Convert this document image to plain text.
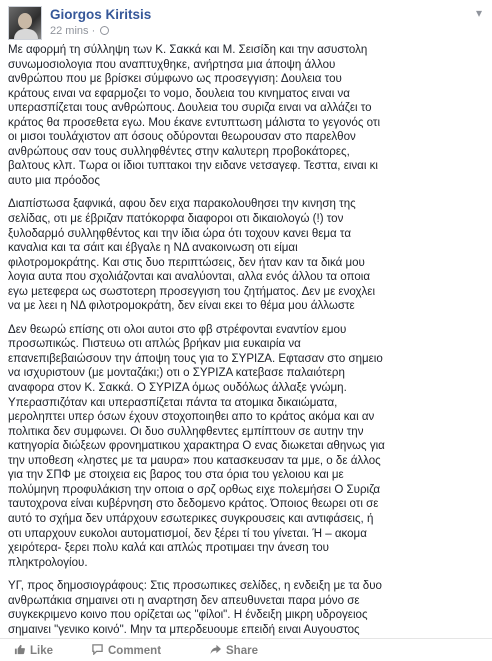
Giorgos Kiritsis
22 mins ·
▾

Με αφορμή τη σύλληψη των Κ. Σακκά και Μ. Σεισίδη και την ασυστολη
συνωμοσιολογια που αναπτυχθηκε, ανήρτησα μια άποψη άλλου
ανθρώπου που με βρίσκει σύμφωνο ως προσεγγιση: Δουλεια του
κράτους ειναι να εφαρμοζει το νομο, δουλεια του κινηματος ειναι να
υπερασπίζεται τους ανθρώπους. Δουλεια του συριζα ειναι να αλλάζει το
κράτος θα πρoσεθετα εγω. Μου έκανε εντυπτωση μάλιστα το γεγονός οτι
οι μισοι τουλάχιστον απ όσους οδύρονται θεωρουσαν στο παρελθον
ανθρώπους σαν τους συλληφθέντες στην καλυτερη προβοκάτορες,
βαλτους κλπ. Τωρα οι ίδιοι τυπτακοι την ειδανε νετσαγεφ. Τεσττα, ειναι κι
αυτο μια πρόοδος

Διαπίστωσα ξαφνικά, αφου δεν ειχα παρακολουθησει την κινηση της
σελίδας, οτι με έβριζαν πατόκορφα διαφοροι οτι δικαιολογώ (!) τον
ξυλοδαρμό συλληφθέντος και την ίδια ώρα ότι τοχουν κανει θεμα τα
καναλια και τα σάιτ και έβγαλε η ΝΔ ανακοινωση οτι είμαι
φιλοτρομοκράτης. Και στις δυο περιπτώσεις, δεν ήταν καν τα δικά μου
λογια αυτα που σχολιάζονται και αναλύονται, αλλα ενός άλλου τα οποια
εγω μετεφερα ως σωστοτερη προσεγγιση του ζητήματος. Δεν με ενοχλει
να με λεει η ΝΔ φιλοτρομοκράτη, δεν είναι εκει το θέμα μου άλλωστε

Δεν θεωρώ επίσης οτι ολοι αυτοι στο φβ στρέφονται εναντίον εμου
προσωπικώς. Πιστευω οτι απλώς βρήκαν μια ευκαιρία να
επανεπιβεβαιώσουν την άποψη τους για το ΣΥΡΙΖΑ. Εφτασαν στο σημειο
να ισχυριστουν (με μονταζάκι;) οτι ο ΣΥΡΙΖΑ κατεβασε παλαιότερη
αναφορα στον Κ. Σακκά. Ο ΣΥΡΙΖΑ όμως ουδόλως άλλαξε γνώμη.
Υπερασπιζόταν και υπερασπίζεται πάντα τα ατομικα δικαιώματα,
μεροληπτει υπερ όσων έχουν στοχοποιηθει απο το κράτος ακόμα και αν
πολιτικα δεν συμφωνει. Οι δυο συλληφθεντες εμπίπτουν σε αυτην την
κατηγορία διώξεων φρονηματικου χαρακτηρα Ο ενας διωκεται αθηνως για
την υποθεση «ληστες με τα μαυρα» που κατασκευσαν τα μμε, ο δε άλλος
για την ΣΠΦ με στοιχεια εις βαρος του στα όρια του γελοιου και με
πολύμηνη προφυλάκιση την οποια ο σρζ ορθως ειχε πολεμήσει Ο Συριζα
ταυτοχρονα είναι κυβέρνηση στο δεδομενο κράτος. Όποιος θεωρει οτι σε
αυτό το σχήμα δεν υπάρχουν εσωτερικες συγκρουσεις και αντιφάσεις, ή
οτι υπαρχουν ευκολοι αυτοματισμοί, δεν ξέρει τί του γίνεται. Ή – ακομα
χειρότερα- ξερει πολυ καλά και απλώς προτιμαει την άνεση του
πληκτρολογίου.

ΥΓ, προς δημοσιογράφους: Στις προσωπικες σελίδες, η ενδειξη με τα δυο
ανθρωπάκια σημαινει οτι η αναρτηση δεν απευθυνεται παρα μόνο σε
συγκεκριμενο κοινο που ορίζεται ως "φίλοι". Η ένδειξη μικρη υδρογειος
σημαινει "γενικο κοινό". Μην τα μπερδευουμε επειδή ειναι Αυγουστος

Like	Comment	Share
